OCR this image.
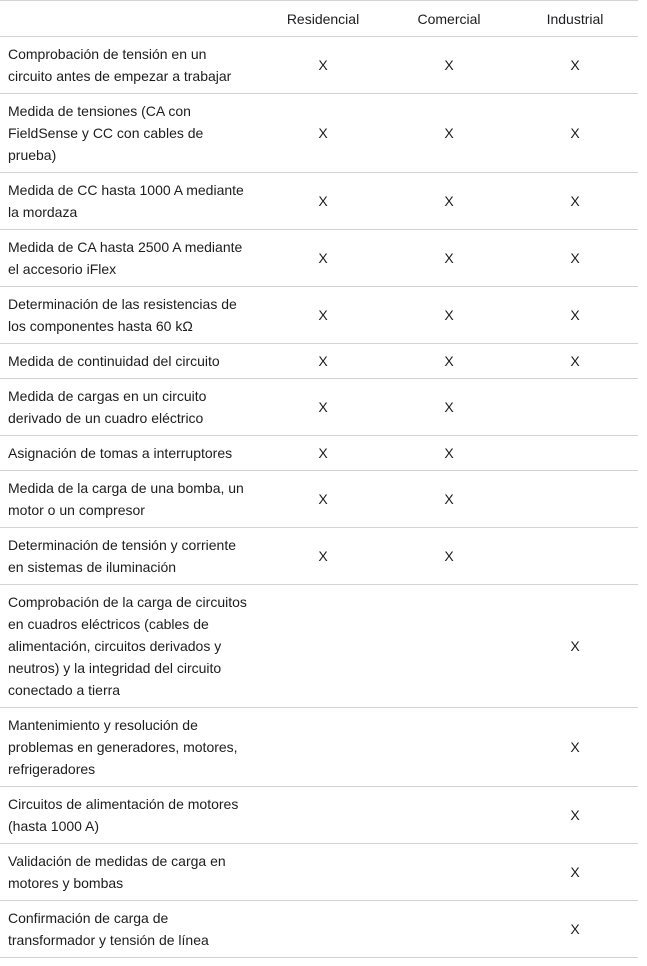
	Residencial	Comercial	Industrial
Comprobación de tensión en un circuito antes de empezar a trabajar	X	X	X
Medida de tensiones (CA con FieldSense y CC con cables de prueba)	X	X	X
Medida de CC hasta 1000 A mediante la mordaza	X	X	X
Medida de CA hasta 2500 A mediante el accesorio iFlex	X	X	X
Determinación de las resistencias de los componentes hasta 60 kΩ	X	X	X
Medida de continuidad del circuito	X	X	X
Medida de cargas en un circuito derivado de un cuadro eléctrico	X	X	
Asignación de tomas a interruptores	X	X	
Medida de la carga de una bomba, un motor o un compresor	X	X	
Determinación de tensión y corriente en sistemas de iluminación	X	X	
Comprobación de la carga de circuitos en cuadros eléctricos (cables de alimentación, circuitos derivados y neutros) y la integridad del circuito conectado a tierra			X
Mantenimiento y resolución de problemas en generadores, motores, refrigeradores			X
Circuitos de alimentación de motores (hasta 1000 A)			X
Validación de medidas de carga en motores y bombas			X
Confirmación de carga de transformador y tensión de línea			X
